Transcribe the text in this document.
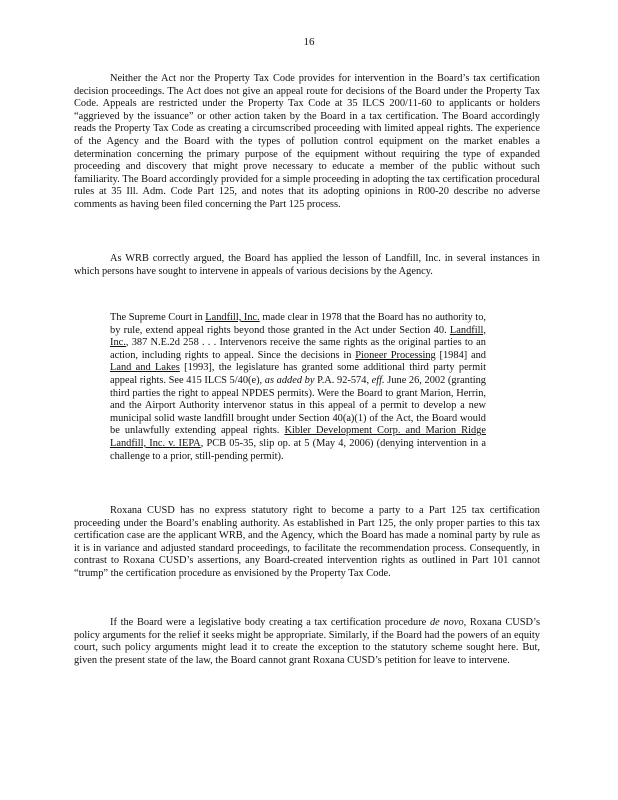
16

Neither the Act nor the Property Tax Code provides for intervention in the Board’s tax certification decision proceedings. The Act does not give an appeal route for decisions of the Board under the Property Tax Code. Appeals are restricted under the Property Tax Code at 35 ILCS 200/11-60 to applicants or holders “aggrieved by the issuance” or other action taken by the Board in a tax certification. The Board accordingly reads the Property Tax Code as creating a circumscribed proceeding with limited appeal rights. The experience of the Agency and the Board with the types of pollution control equipment on the market enables a determination concerning the primary purpose of the equipment without requiring the type of expanded proceeding and discovery that might prove necessary to educate a member of the public without such familiarity. The Board accordingly provided for a simple proceeding in adopting the tax certification procedural rules at 35 Ill. Adm. Code Part 125, and notes that its adopting opinions in R00-20 describe no adverse comments as having been filed concerning the Part 125 process.

As WRB correctly argued, the Board has applied the lesson of Landfill, Inc. in several instances in which persons have sought to intervene in appeals of various decisions by the Agency.

The Supreme Court in Landfill, Inc. made clear in 1978 that the Board has no authority to, by rule, extend appeal rights beyond those granted in the Act under Section 40. Landfill, Inc., 387 N.E.2d 258 . . . Intervenors receive the same rights as the original parties to an action, including rights to appeal. Since the decisions in Pioneer Processing [1984] and Land and Lakes [1993], the legislature has granted some additional third party permit appeal rights. See 415 ILCS 5/40(e), as added by P.A. 92-574, eff. June 26, 2002 (granting third parties the right to appeal NPDES permits). Were the Board to grant Marion, Herrin, and the Airport Authority intervenor status in this appeal of a permit to develop a new municipal solid waste landfill brought under Section 40(a)(1) of the Act, the Board would be unlawfully extending appeal rights. Kibler Development Corp. and Marion Ridge Landfill, Inc. v. IEPA, PCB 05-35, slip op. at 5 (May 4, 2006) (denying intervention in a challenge to a prior, still-pending permit).

Roxana CUSD has no express statutory right to become a party to a Part 125 tax certification proceeding under the Board’s enabling authority. As established in Part 125, the only proper parties to this tax certification case are the applicant WRB, and the Agency, which the Board has made a nominal party by rule as it is in variance and adjusted standard proceedings, to facilitate the recommendation process. Consequently, in contrast to Roxana CUSD’s assertions, any Board-created intervention rights as outlined in Part 101 cannot “trump” the certification procedure as envisioned by the Property Tax Code.

If the Board were a legislative body creating a tax certification procedure de novo, Roxana CUSD’s policy arguments for the relief it seeks might be appropriate. Similarly, if the Board had the powers of an equity court, such policy arguments might lead it to create the exception to the statutory scheme sought here. But, given the present state of the law, the Board cannot grant Roxana CUSD’s petition for leave to intervene.
